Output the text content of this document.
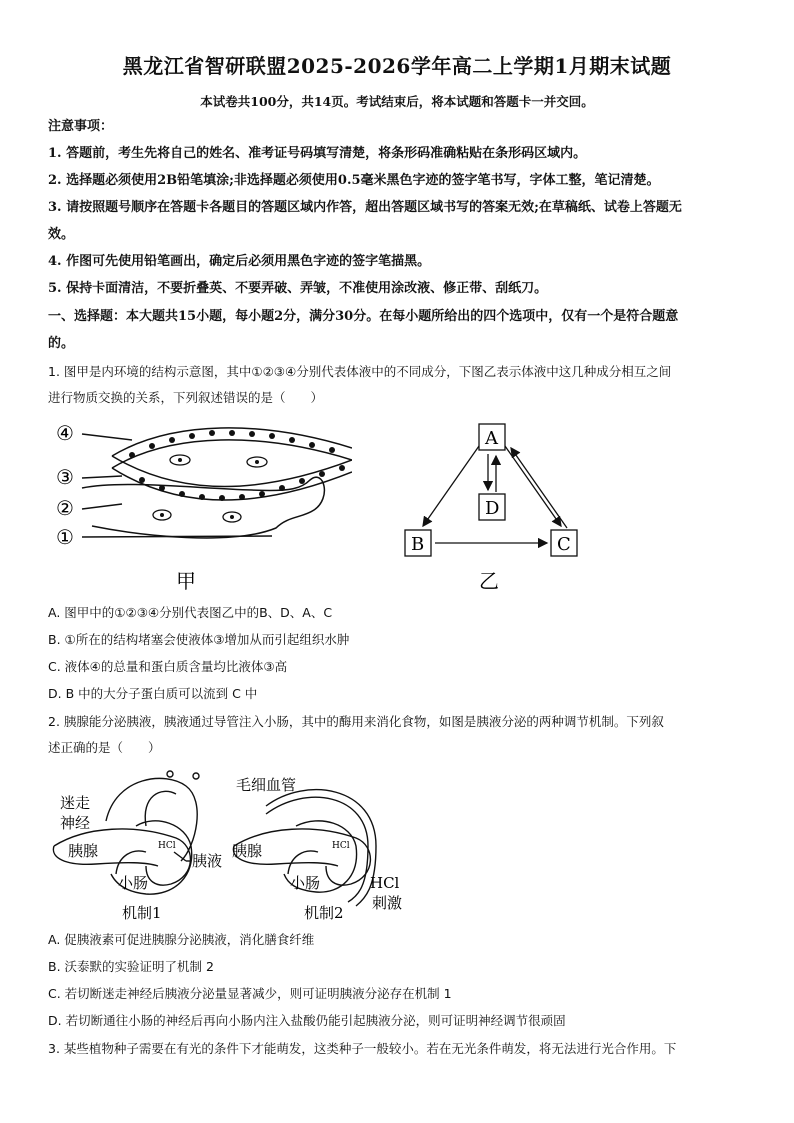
黑龙江省智研联盟2025-2026学年高二上学期1月期末试题
本试卷共100分，共14页。考试结束后，将本试题和答题卡一并交回。
注意事项：
1. 答题前，考生先将自己的姓名、准考证号码填写清楚，将条形码准确粘贴在条形码区域内。
2. 选择题必须使用2B铅笔填涂;非选择题必须使用0.5毫米黑色字迹的签字笔书写，字体工整，笔记清楚。
3. 请按照题号顺序在答题卡各题目的答题区域内作答，超出答题区域书写的答案无效;在草稿纸、试卷上答题无
效。
4. 作图可先使用铅笔画出，确定后必须用黑色字迹的签字笔描黑。
5. 保持卡面清洁，不要折叠英、不要弄破、弄皱，不准使用涂改液、修正带、刮纸刀。
一、选择题：本大题共15小题，每小题2分，满分30分。在每小题所给出的四个选项中，仅有一个是符合题意
的。
1. 图甲是内环境的结构示意图，其中①②③④分别代表体液中的不同成分，下图乙表示体液中这几种成分相互之间
进行物质交换的关系，下列叙述错误的是（　　）
④
③
②
①
甲
A
B	C
D
乙
A. 图甲中的①②③④分别代表图乙中的B、D、A、C
B. ①所在的结构堵塞会使液体③增加从而引起组织水肿
C. 液体④的总量和蛋白质含量均比液体③高
D. B 中的大分子蛋白质可以流到 C 中
2. 胰腺能分泌胰液，胰液通过导管注入小肠，其中的酶用来消化食物，如图是胰液分泌的两种调节机制。下列叙
述正确的是（　　）
迷走
神经
胰腺	HCl
胰液
小肠
机制1
毛细血管
胰腺	HCl
小肠	HCl
刺激
机制2
A. 促胰液素可促进胰腺分泌胰液，消化膳食纤维
B. 沃泰默的实验证明了机制 2
C. 若切断迷走神经后胰液分泌量显著减少，则可证明胰液分泌存在机制 1
D. 若切断通往小肠的神经后再向小肠内注入盐酸仍能引起胰液分泌，则可证明神经调节很顽固
3. 某些植物种子需要在有光的条件下才能萌发，这类种子一般较小。若在无光条件萌发，将无法进行光合作用。下
